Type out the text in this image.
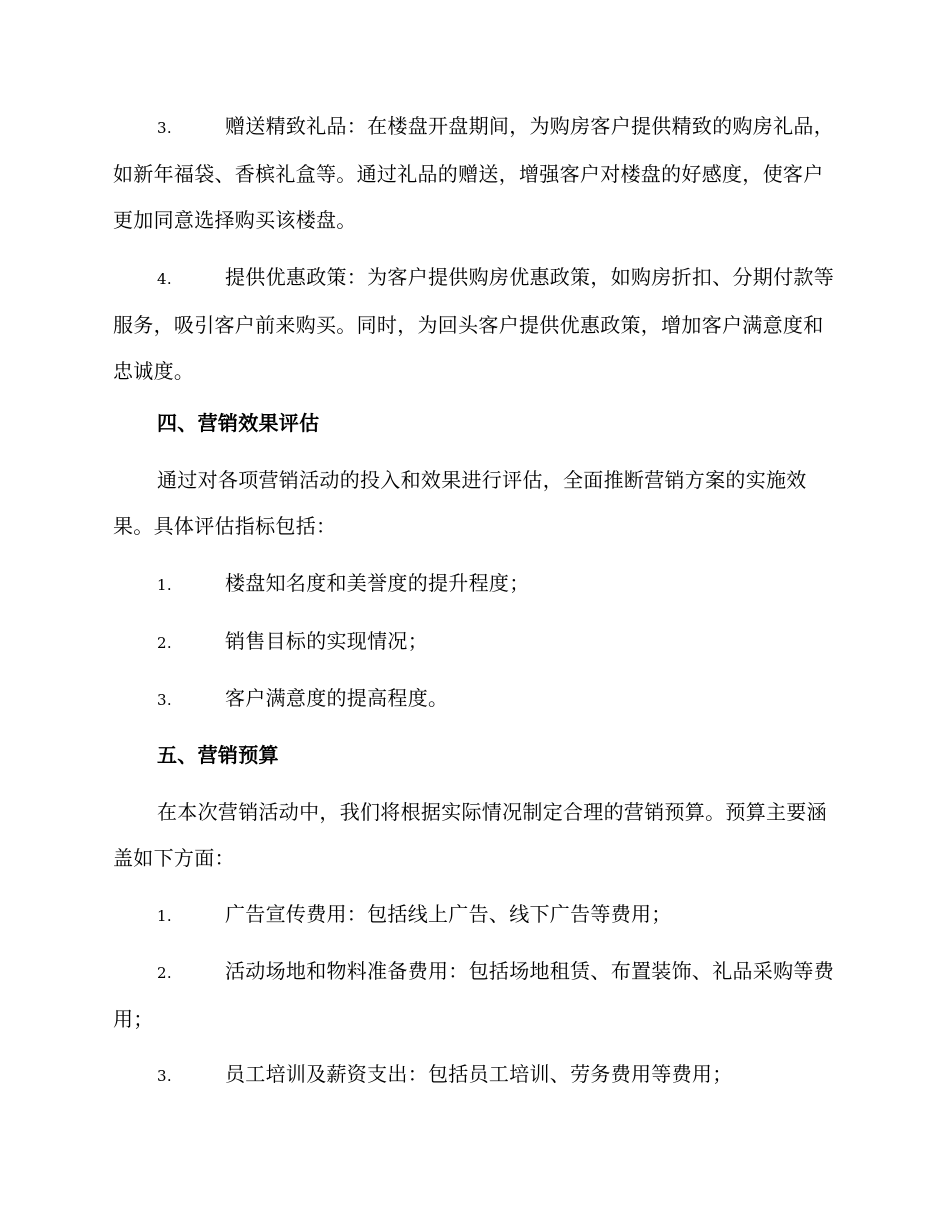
3.	赠送精致礼品：在楼盘开盘期间，为购房客户提供精致的购房礼品，如新年福袋、香槟礼盒等。通过礼品的赠送，增强客户对楼盘的好感度，使客户更加同意选择购买该楼盘。
4.	提供优惠政策：为客户提供购房优惠政策，如购房折扣、分期付款等服务，吸引客户前来购买。同时，为回头客户提供优惠政策，增加客户满意度和忠诚度。
四、营销效果评估
通过对各项营销活动的投入和效果进行评估，全面推断营销方案的实施效果。具体评估指标包括：
1.	楼盘知名度和美誉度的提升程度；
2.	销售目标的实现情况；
3.	客户满意度的提高程度。
五、营销预算
在本次营销活动中，我们将根据实际情况制定合理的营销预算。预算主要涵盖如下方面：
1.	广告宣传费用：包括线上广告、线下广告等费用；
2.	活动场地和物料准备费用：包括场地租赁、布置装饰、礼品采购等费用；
3.	员工培训及薪资支出：包括员工培训、劳务费用等费用；
